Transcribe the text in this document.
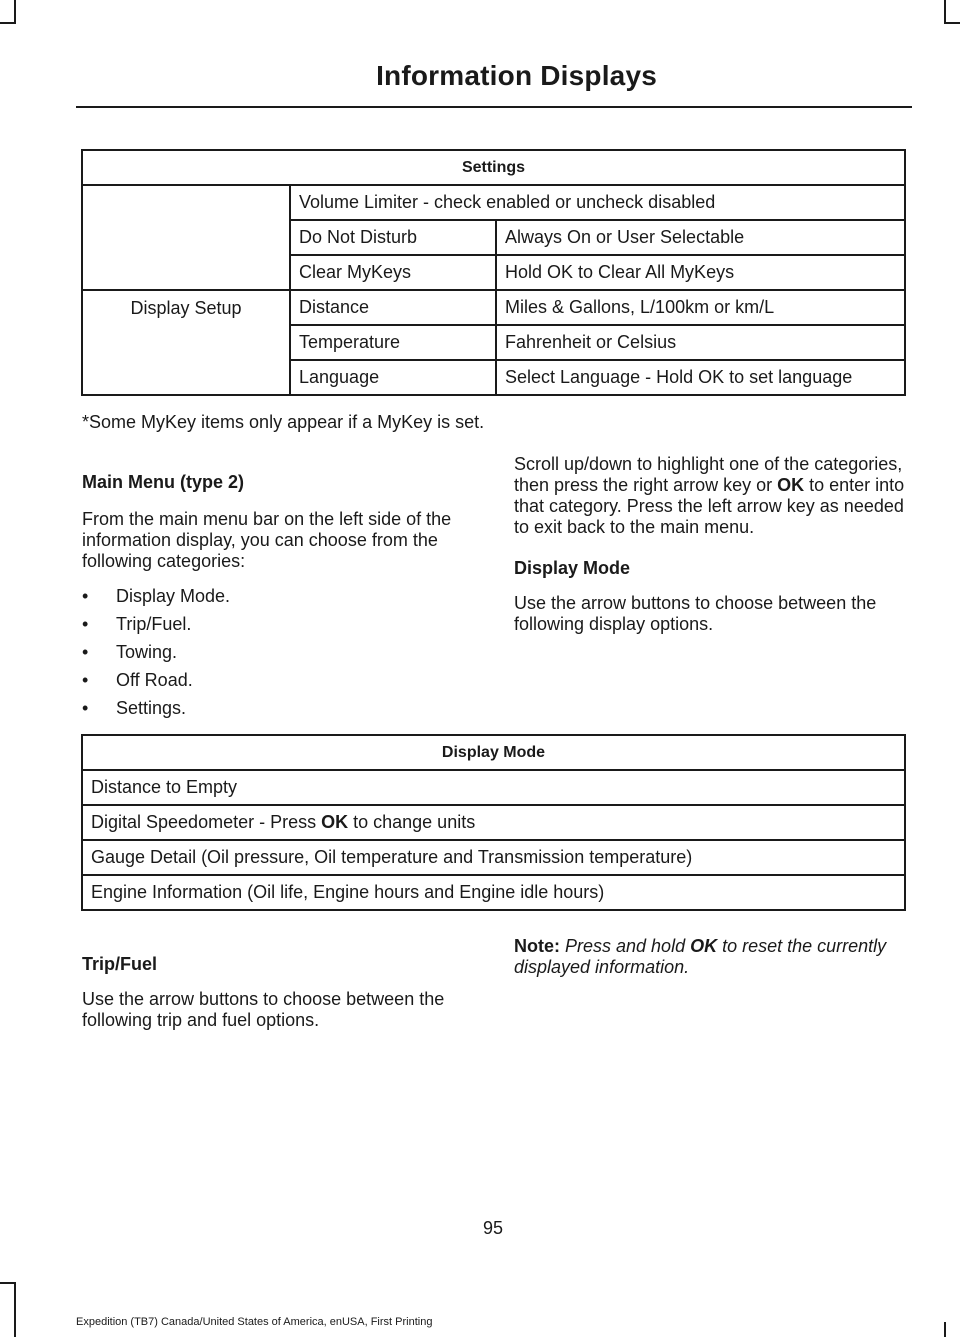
Information Displays
Settings		
	Volume Limiter - check enabled or uncheck disabled	
	Do Not Disturb	Always On or User Selectable
	Clear MyKeys	Hold OK to Clear All MyKeys
Display Setup	Distance	Miles & Gallons, L/100km or km/L
	Temperature	Fahrenheit or Celsius
	Language	Select Language - Hold OK to set language
*Some MyKey items only appear if a MyKey is set.
Main Menu (type 2)

From the main menu bar on the left side of the information display, you can choose from the following categories:

• Display Mode.
• Trip/Fuel.
• Towing.
• Off Road.
• Settings.

Scroll up/down to highlight one of the categories, then press the right arrow key or OK to enter into that category. Press the left arrow key as needed to exit back to the main menu.

Display Mode

Use the arrow buttons to choose between the following display options.

Display Mode
Distance to Empty
Digital Speedometer - Press OK to change units
Gauge Detail (Oil pressure, Oil temperature and Transmission temperature)
Engine Information (Oil life, Engine hours and Engine idle hours)
Trip/Fuel

Use the arrow buttons to choose between the following trip and fuel options.

Note: Press and hold OK to reset the currently displayed information.

95
Expedition (TB7) Canada/United States of America, enUSA, First Printing
